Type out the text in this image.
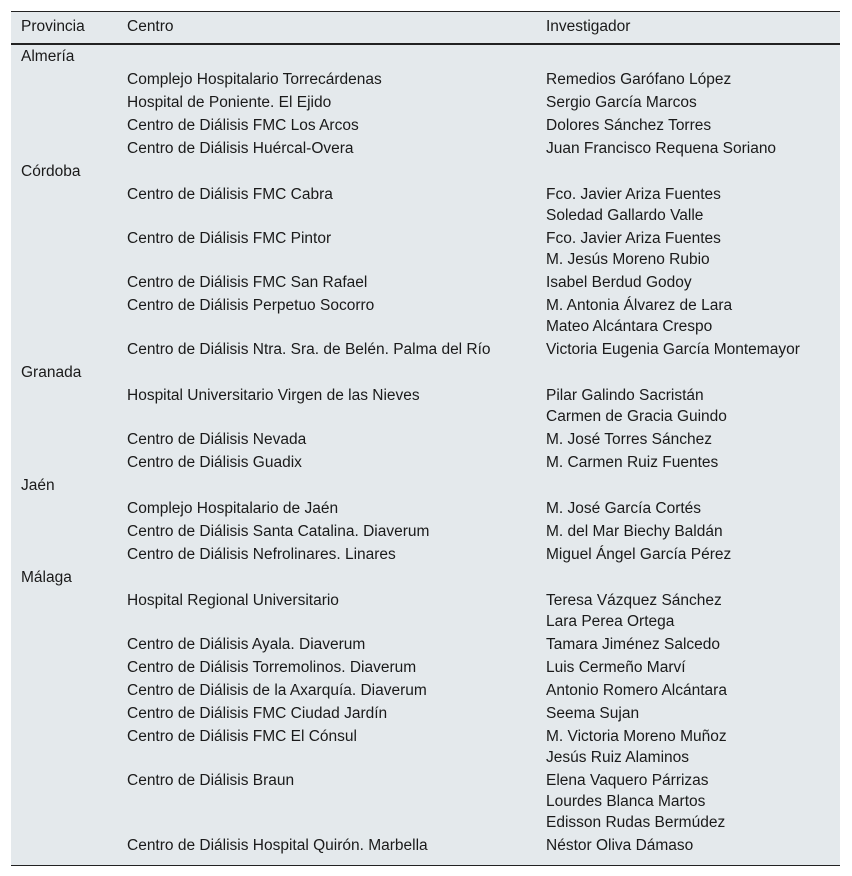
Provincia	Centro	Investigador
Almería
Complejo Hospitalario Torrecárdenas	Remedios Garófano López
Hospital de Poniente. El Ejido	Sergio García Marcos
Centro de Diálisis FMC Los Arcos	Dolores Sánchez Torres
Centro de Diálisis Huércal-Overa	Juan Francisco Requena Soriano
Córdoba
Centro de Diálisis FMC Cabra	Fco. Javier Ariza Fuentes
Soledad Gallardo Valle
Centro de Diálisis FMC Pintor	Fco. Javier Ariza Fuentes
M. Jesús Moreno Rubio
Centro de Diálisis FMC San Rafael	Isabel Berdud Godoy
Centro de Diálisis Perpetuo Socorro	M. Antonia Álvarez de Lara
Mateo Alcántara Crespo
Centro de Diálisis Ntra. Sra. de Belén. Palma del Río	Victoria Eugenia García Montemayor
Granada
Hospital Universitario Virgen de las Nieves	Pilar Galindo Sacristán
Carmen de Gracia Guindo
Centro de Diálisis Nevada	M. José Torres Sánchez
Centro de Diálisis Guadix	M. Carmen Ruiz Fuentes
Jaén
Complejo Hospitalario de Jaén	M. José García Cortés
Centro de Diálisis Santa Catalina. Diaverum	M. del Mar Biechy Baldán
Centro de Diálisis Nefrolinares. Linares	Miguel Ángel García Pérez
Málaga
Hospital Regional Universitario	Teresa Vázquez Sánchez
Lara Perea Ortega
Centro de Diálisis Ayala. Diaverum	Tamara Jiménez Salcedo
Centro de Diálisis Torremolinos. Diaverum	Luis Cermeño Marví
Centro de Diálisis de la Axarquía. Diaverum	Antonio Romero Alcántara
Centro de Diálisis FMC Ciudad Jardín	Seema Sujan
Centro de Diálisis FMC El Cónsul	M. Victoria Moreno Muñoz
Jesús Ruiz Alaminos
Centro de Diálisis Braun	Elena Vaquero Párrizas
Lourdes Blanca Martos
Edisson Rudas Bermúdez
Centro de Diálisis Hospital Quirón. Marbella	Néstor Oliva Dámaso
